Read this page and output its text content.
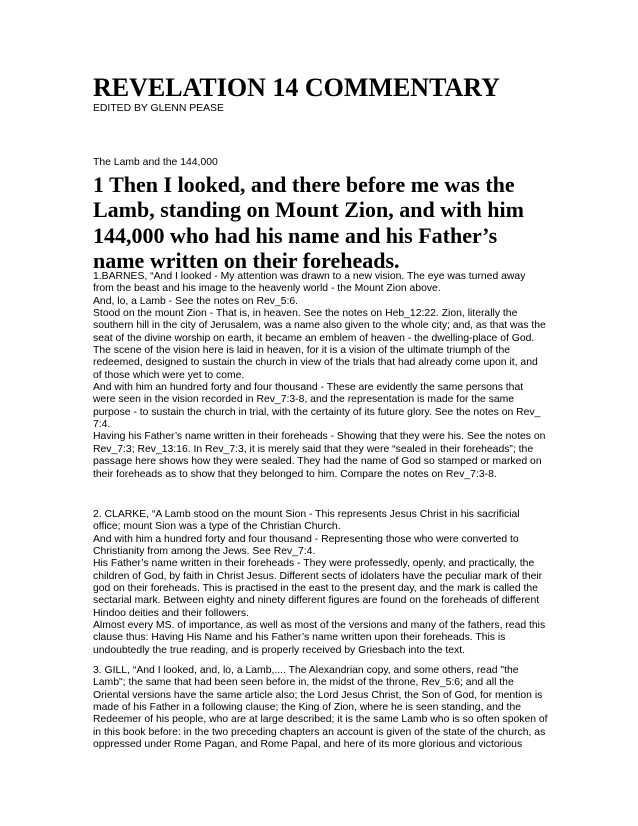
REVELATION 14 COMMENTARY

EDITED BY GLENN PEASE

The Lamb and the 144,000
1 Then I looked, and there before me was the Lamb, standing on Mount Zion, and with him 144,000 who had his name and his Father’s name written on their foreheads.

1.BARNES, “And I looked - My attention was drawn to a new vision. The eye was turned away from the beast and his image to the heavenly world - the Mount Zion above.

And, lo, a Lamb - See the notes on Rev_5:6.

Stood on the mount Zion - That is, in heaven. See the notes on Heb_12:22. Zion, literally the southern hill in the city of Jerusalem, was a name also given to the whole city; and, as that was the seat of the divine worship on earth, it became an emblem of heaven - the dwelling-place of God. The scene of the vision here is laid in heaven, for it is a vision of the ultimate triumph of the redeemed, designed to sustain the church in view of the trials that had already come upon it, and of those which were yet to come.

And with him an hundred forty and four thousand - These are evidently the same persons that were seen in the vision recorded in Rev_7:3-8, and the representation is made for the same purpose - to sustain the church in trial, with the certainty of its future glory. See the notes on Rev_ 7:4.

Having his Father’s name written in their foreheads - Showing that they were his. See the notes on Rev_7:3; Rev_13:16. In Rev_7:3, it is merely said that they were “sealed in their foreheads”; the passage here shows how they were sealed. They had the name of God so stamped or marked on their foreheads as to show that they belonged to him. Compare the notes on Rev_7:3-8.

2. CLARKE, “A Lamb stood on the mount Sion - This represents Jesus Christ in his sacrificial office; mount Sion was a type of the Christian Church.

And with him a hundred forty and four thousand - Representing those who were converted to Christianity from among the Jews. See Rev_7:4.

His Father’s name written in their foreheads - They were professedly, openly, and practically, the children of God, by faith in Christ Jesus. Different sects of idolaters have the peculiar mark of their god on their foreheads. This is practised in the east to the present day, and the mark is called the sectarial mark. Between eighty and ninety different figures are found on the foreheads of different Hindoo deities and their followers.

Almost every MS. of importance, as well as most of the versions and many of the fathers, read this clause thus: Having His Name and his Father’s name written upon their foreheads. This is undoubtedly the true reading, and is properly received by Griesbach into the text.

3. GILL, “And I looked, and, lo, a Lamb,.... The Alexandrian copy, and some others, read "the Lamb"; the same that had been seen before in, the midst of the throne, Rev_5:6; and all the Oriental versions have the same article also; the Lord Jesus Christ, the Son of God, for mention is made of his Father in a following clause; the King of Zion, where he is seen standing, and the Redeemer of his people, who are at large described; it is the same Lamb who is so often spoken of in this book before: in the two preceding chapters an account is given of the state of the church, as oppressed under Rome Pagan, and Rome Papal, and here of its more glorious and victorious
